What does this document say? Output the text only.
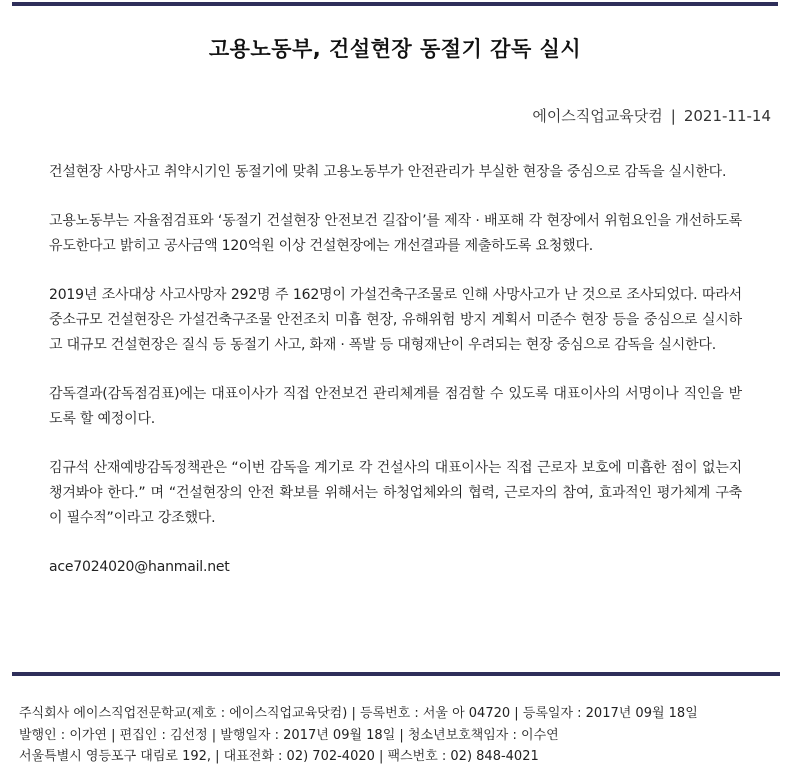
고용노동부, 건설현장 동절기 감독 실시
에이스직업교육닷컴 | 2021-11-14

건설현장 사망사고 취약시기인 동절기에 맞춰 고용노동부가 안전관리가 부실한 현장을 중심으로 감독을 실시한다.

고용노동부는 자율점검표와 ‘동절기 건설현장 안전보건 길잡이’를 제작 · 배포해 각 현장에서 위험요인을 개선하도록 유도한다고 밝히고 공사금액 120억원 이상 건설현장에는 개선결과를 제출하도록 요청했다.

2019년 조사대상 사고사망자 292명 주 162명이 가설건축구조물로 인해 사망사고가 난 것으로 조사되었다. 따라서 중소규모 건설현장은 가설건축구조물 안전조치 미흡 현장, 유해위험 방지 계획서 미준수 현장 등을 중심으로 실시하고 대규모 건설현장은 질식 등 동절기 사고, 화재 · 폭발 등 대형재난이 우려되는 현장 중심으로 감독을 실시한다.

감독결과(감독점검표)에는 대표이사가 직접 안전보건 관리체계를 점검할 수 있도록 대표이사의 서명이나 직인을 받도록 할 예정이다.

김규석 산재예방감독정책관은 “이번 감독을 계기로 각 건설사의 대표이사는 직접 근로자 보호에 미흡한 점이 없는지 챙겨봐야 한다.” 며 “건설현장의 안전 확보를 위해서는 하청업체와의 협력, 근로자의 참여, 효과적인 평가체계 구축이 필수적”이라고 강조했다.

ace7024020@hanmail.net

주식회사 에이스직업전문학교(제호 : 에이스직업교육닷컴) | 등록번호 : 서울 아 04720 | 등록일자 : 2017년 09월 18일
발행인 : 이가연 | 편집인 : 김선정 | 발행일자 : 2017년 09월 18일 | 청소년보호책임자 : 이수연
서울특별시 영등포구 대림로 192, | 대표전화 : 02) 702-4020 | 팩스번호 : 02) 848-4021
